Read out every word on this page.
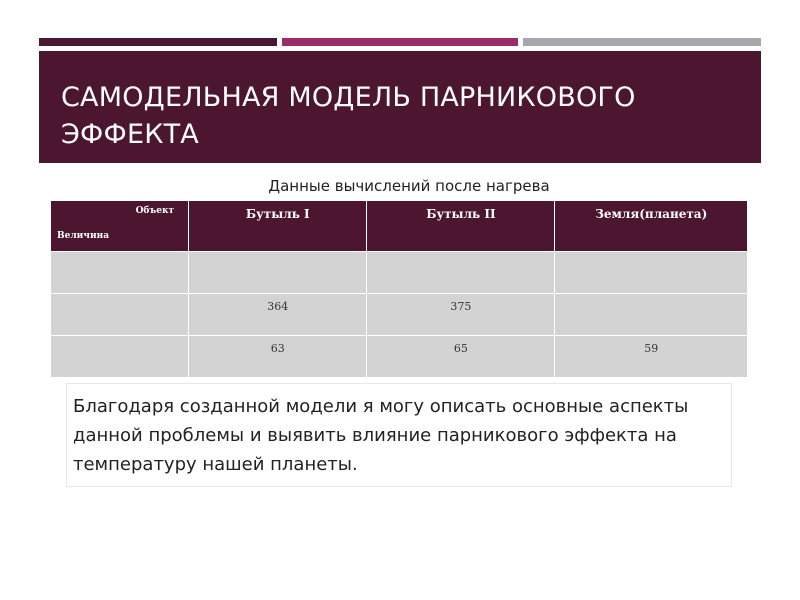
САМОДЕЛЬНАЯ МОДЕЛЬ ПАРНИКОВОГО ЭФФЕКТА
Данные вычислений после нагрева
Объект
Величина	Бутыль I	Бутыль II	Земля(планета)

	364	375	
	63	65	59
Благодаря созданной модели я могу описать основные аспекты данной проблемы и выявить влияние парникового эффекта на температуру нашей планеты.
